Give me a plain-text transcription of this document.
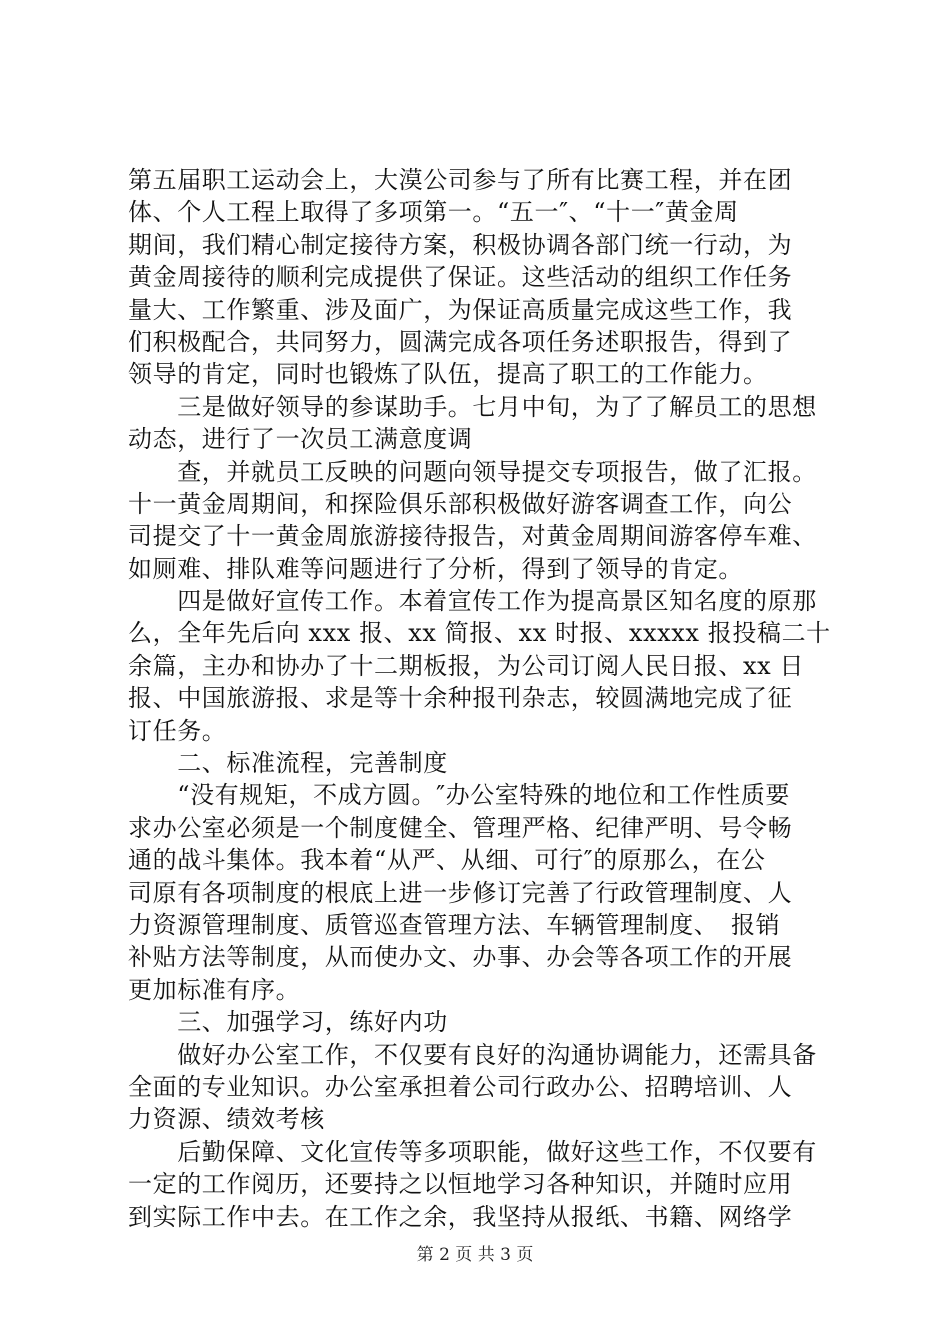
第五届职工运动会上，大漠公司参与了所有比赛工程，并在团
体、个人工程上取得了多项第一。“五一″、“十一″黄金周
期间，我们精心制定接待方案，积极协调各部门统一行动，为
黄金周接待的顺利完成提供了保证。这些活动的组织工作任务
量大、工作繁重、涉及面广，为保证高质量完成这些工作，我
们积极配合，共同努力，圆满完成各项任务述职报告，得到了
领导的肯定，同时也锻炼了队伍，提高了职工的工作能力。
　　三是做好领导的参谋助手。七月中旬，为了了解员工的思想
动态，进行了一次员工满意度调
　　查，并就员工反映的问题向领导提交专项报告，做了汇报。
十一黄金周期间，和探险俱乐部积极做好游客调查工作，向公
司提交了十一黄金周旅游接待报告，对黄金周期间游客停车难、
如厕难、排队难等问题进行了分析，得到了领导的肯定。
　　四是做好宣传工作。本着宣传工作为提高景区知名度的原那
么，全年先后向 xxx 报、xx 简报、xx 时报、xxxxx 报投稿二十
余篇，主办和协办了十二期板报，为公司订阅人民日报、xx 日
报、中国旅游报、求是等十余种报刊杂志，较圆满地完成了征
订任务。
　　二、标准流程，完善制度
　　“没有规矩，不成方圆。″办公室特殊的地位和工作性质要
求办公室必须是一个制度健全、管理严格、纪律严明、号令畅
通的战斗集体。我本着“从严、从细、可行″的原那么，在公
司原有各项制度的根底上进一步修订完善了行政管理制度、人
力资源管理制度、质管巡查管理方法、车辆管理制度、　报销
补贴方法等制度，从而使办文、办事、办会等各项工作的开展
更加标准有序。
　　三、加强学习，练好内功
　　做好办公室工作，不仅要有良好的沟通协调能力，还需具备
全面的专业知识。办公室承担着公司行政办公、招聘培训、人
力资源、绩效考核
　　后勤保障、文化宣传等多项职能，做好这些工作，不仅要有
一定的工作阅历，还要持之以恒地学习各种知识，并随时应用
到实际工作中去。在工作之余，我坚持从报纸、书籍、网络学
第 2 页 共 3 页
